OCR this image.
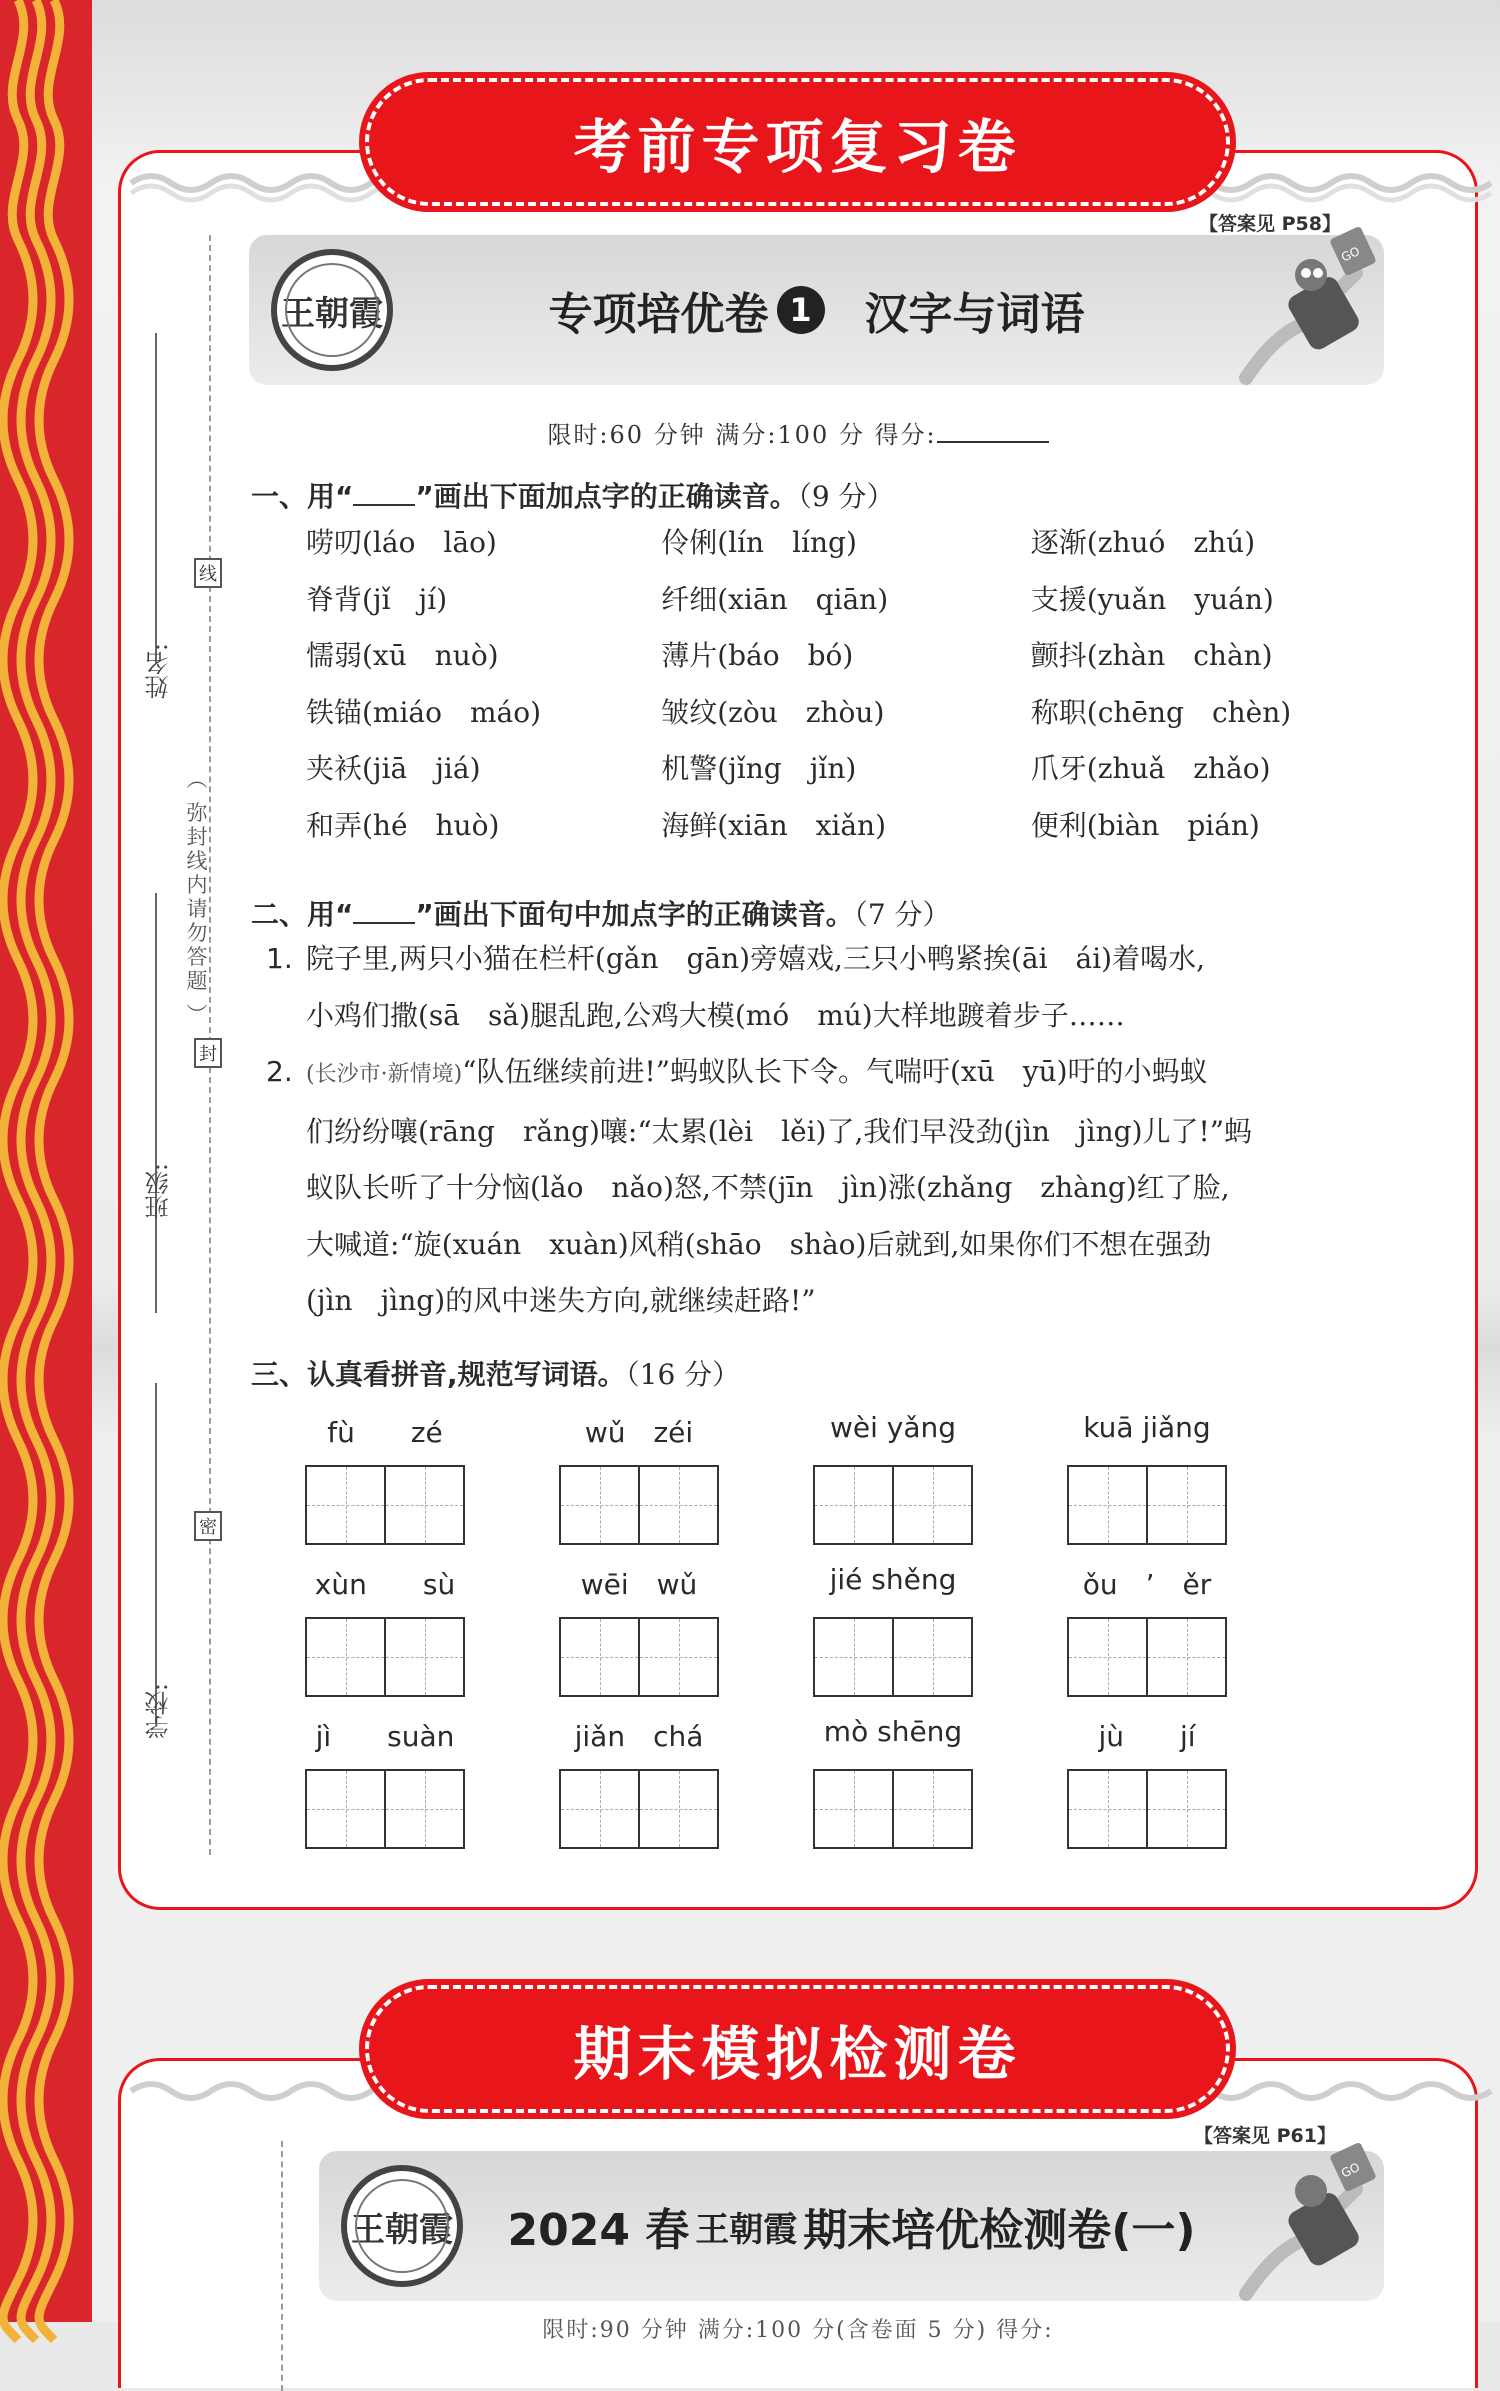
考前专项复习卷
【答案见 P58】
姓名:
班级:
学校:
线
封
密
（ 弥封线内请勿答题 ）
王朝霞	专项培优卷 1 汉字与词语
GO
限时:60 分钟 满分:100 分 得分:
一、用“ ”画出下面加点字的正确读音。（9 分）
唠叨(láo　lāo)	伶俐(lín　líng)	逐渐(zhuó　zhú)
脊背(jǐ　jí)	纤细(xiān　qiān)	支援(yuǎn　yuán)
懦弱(xū　nuò)	薄片(báo　bó)	颤抖(zhàn　chàn)
铁锚(miáo　máo)	皱纹(zòu　zhòu)	称职(chēng　chèn)
夹袄(jiā　jiá)	机警(jǐng　jǐn)	爪牙(zhuǎ　zhǎo)
和弄(hé　huò)	海鲜(xiān　xiǎn)	便利(biàn　pián)
二、用“ ”画出下面句中加点字的正确读音。（7 分）
1. 院子里,两只小猫在栏杆(gǎn　gān)旁嬉戏,三只小鸭紧挨(āi　ái)着喝水,
小鸡们撒(sā　sǎ)腿乱跑,公鸡大模(mó　mú)大样地踱着步子……
2. (长沙市·新情境)“队伍继续前进!”蚂蚁队长下令。气喘吁(xū　yū)吁的小蚂蚁
们纷纷嚷(rāng　rǎng)嚷:“太累(lèi　lěi)了,我们早没劲(jìn　jìng)儿了!”蚂
蚁队长听了十分恼(lǎo　nǎo)怒,不禁(jīn　jìn)涨(zhǎng　zhàng)红了脸,
大喊道:“旋(xuán　xuàn)风稍(shāo　shào)后就到,如果你们不想在强劲
(jìn　jìng)的风中迷失方向,就继续赶路!”
三、认真看拼音,规范写词语。（16 分）
fù　　zé	wǔ　zéi	wèi yǎng	kuā jiǎng
xùn　　sù	wēi　wǔ	jié shěng	ǒu　’　ěr
jì　　suàn	jiǎn　chá	mò shēng	jù　　jí
期末模拟检测卷
【答案见 P61】
王朝霞 2024 春 王朝霞 期末培优检测卷(一)
GO
限时:90 分钟 满分:100 分(含卷面 5 分) 得分:
